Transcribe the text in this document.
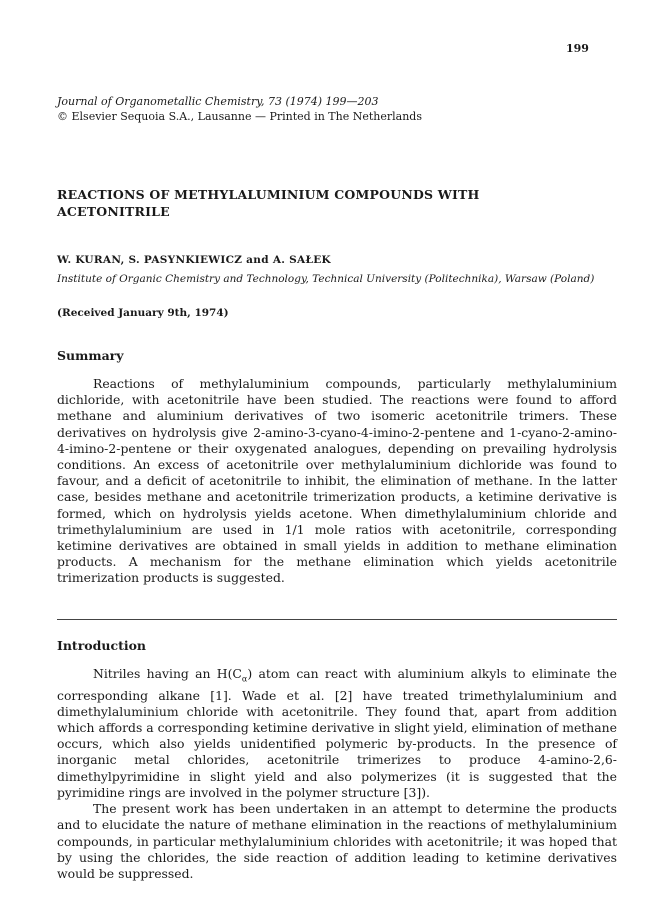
199
Journal of Organometallic Chemistry, 73 (1974) 199—203
© Elsevier Sequoia S.A., Lausanne — Printed in The Netherlands
REACTIONS OF METHYLALUMINIUM COMPOUNDS WITH ACETONITRILE
W. KURAN, S. PASYNKIEWICZ and A. SAŁEK
Institute of Organic Chemistry and Technology, Technical University (Politechnika), Warsaw (Poland)
(Received January 9th, 1974)
Summary

Reactions of methylaluminium compounds, particularly methylaluminium dichloride, with acetonitrile have been studied. The reactions were found to afford methane and aluminium derivatives of two isomeric acetonitrile trimers. These derivatives on hydrolysis give 2-amino-3-cyano-4-imino-2-pentene and 1-cyano-2-amino-4-imino-2-pentene or their oxygenated analogues, depending on prevailing hydrolysis conditions. An excess of acetonitrile over methylaluminium dichloride was found to favour, and a deficit of acetonitrile to inhibit, the elimination of methane. In the latter case, besides methane and acetonitrile trimerization products, a ketimine derivative is formed, which on hydrolysis yields acetone. When dimethylaluminium chloride and trimethylaluminium are used in 1/1 mole ratios with acetonitrile, corresponding ketimine derivatives are obtained in small yields in addition to methane elimination products. A mechanism for the methane elimination which yields acetonitrile trimerization products is suggested.

Introduction

Nitriles having an $H(C_\alpha)$ atom can react with aluminium alkyls to eliminate the corresponding alkane [1]. Wade et al. [2] have treated trimethylaluminium and dimethylaluminium chloride with acetonitrile. They found that, apart from addition which affords a corresponding ketimine derivative in slight yield, elimination of methane occurs, which also yields unidentified polymeric by-products. In the presence of inorganic metal chlorides, acetonitrile trimerizes to produce 4-amino-2,6-dimethylpyrimidine in slight yield and also polymerizes (it is suggested that the pyrimidine rings are involved in the polymer structure [3]).

The present work has been undertaken in an attempt to determine the products and to elucidate the nature of methane elimination in the reactions of methylaluminium compounds, in particular methylaluminium chlorides with acetonitrile; it was hoped that by using the chlorides, the side reaction of addition leading to ketimine derivatives would be suppressed.
